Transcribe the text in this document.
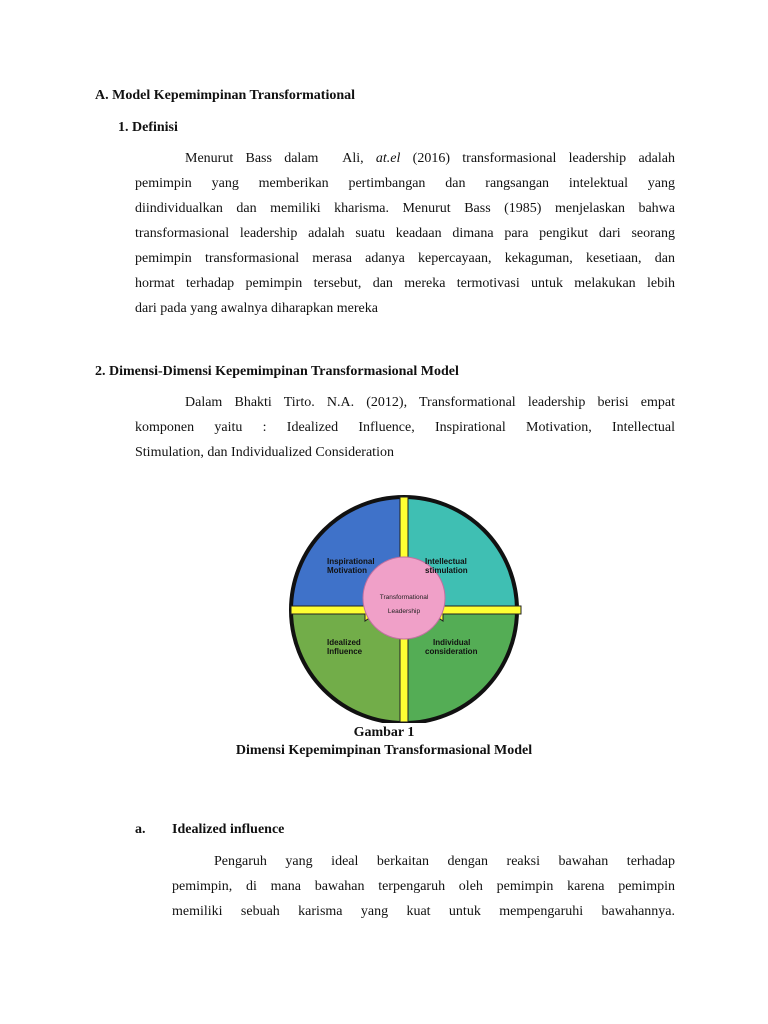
A. Model Kepemimpinan Transformational
1. Definisi
Menurut Bass dalam  Ali, at.el (2016) transformasional leadership adalah
pemimpin yang memberikan pertimbangan dan rangsangan intelektual yang
diindividualkan dan memiliki kharisma. Menurut Bass (1985) menjelaskan bahwa
transformasional leadership adalah suatu keadaan dimana para pengikut dari seorang
pemimpin transformasional merasa adanya kepercayaan, kekaguman, kesetiaan, dan
hormat terhadap pemimpin tersebut, dan mereka termotivasi untuk melakukan lebih
dari pada yang awalnya diharapkan mereka
2. Dimensi-Dimensi Kepemimpinan Transformasional Model
Dalam Bhakti Tirto. N.A. (2012), Transformational leadership berisi empat
komponen yaitu : Idealized Influence, Inspirational Motivation, Intellectual
Stimulation, dan Individualized Consideration
Transformational
Leadership
Inspirational
Motivation
Intellectual
stimulation
Idealized
Influence
Individual
consideration
Gambar 1
Dimensi Kepemimpinan Transformasional Model
a. Idealized influence
Pengaruh yang ideal berkaitan dengan reaksi bawahan terhadap
pemimpin, di mana bawahan terpengaruh oleh pemimpin karena pemimpin
memiliki sebuah karisma yang kuat untuk mempengaruhi bawahannya.
